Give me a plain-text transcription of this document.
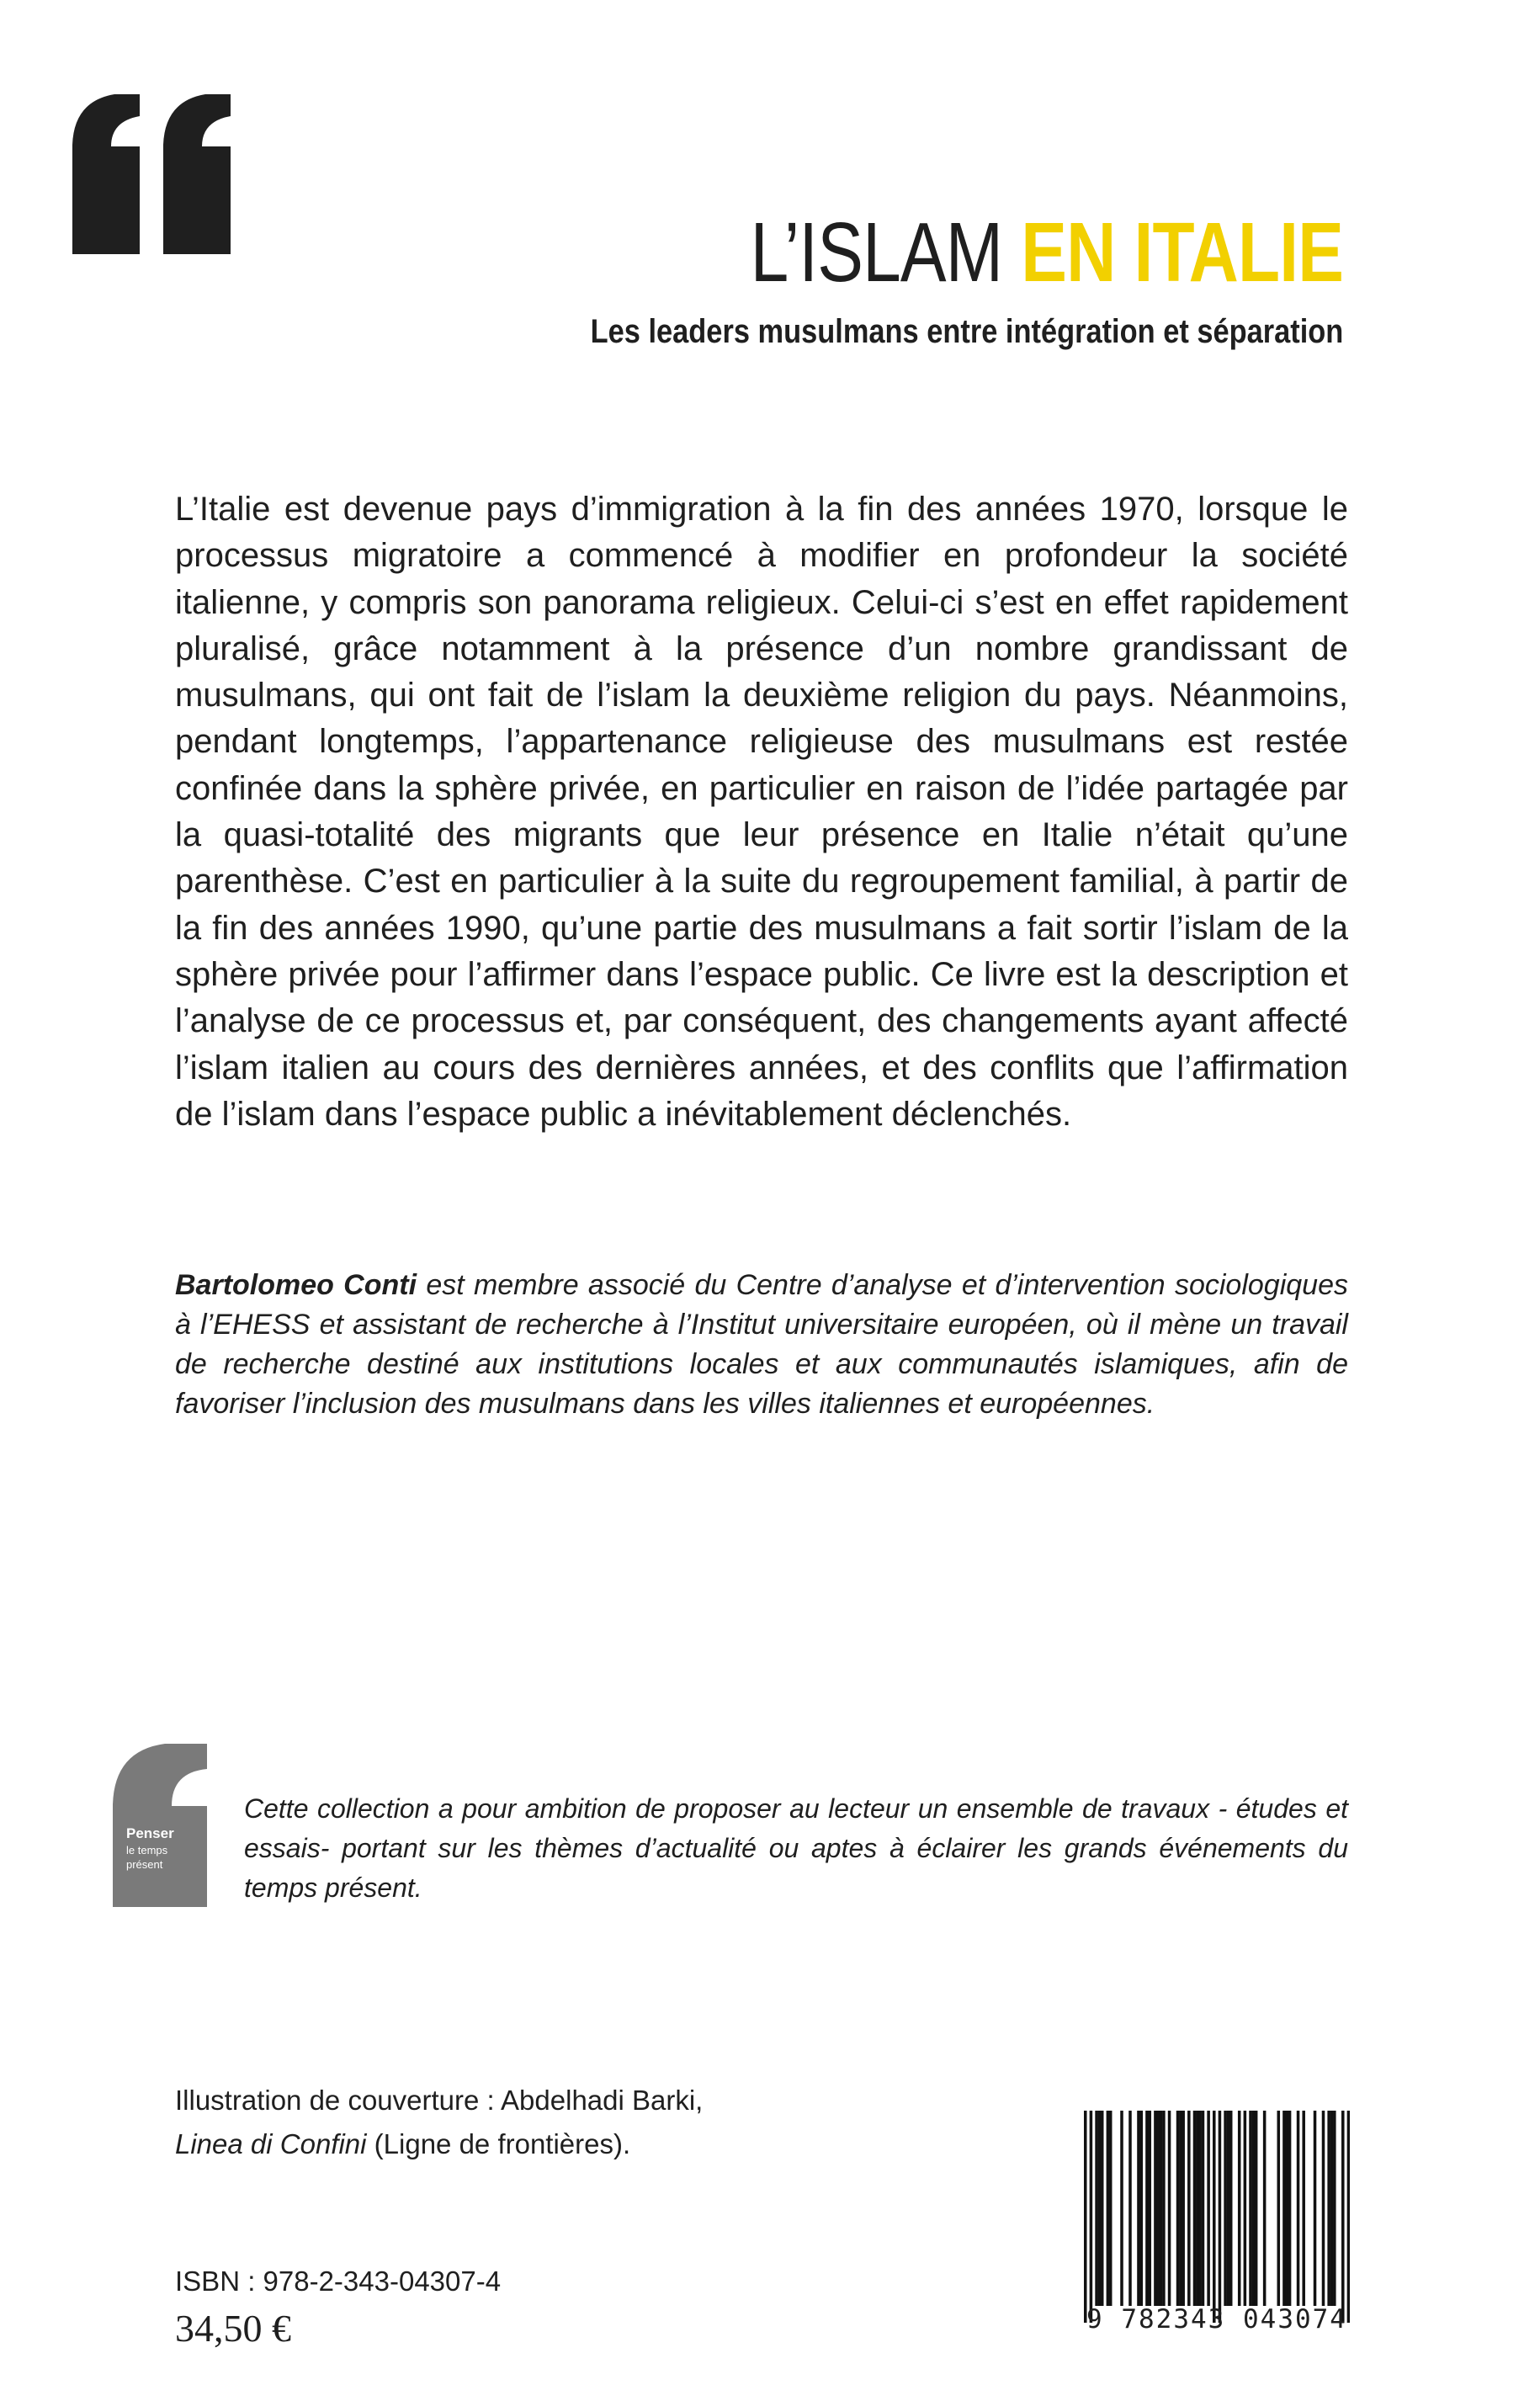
L’ISLAM EN ITALIE
Les leaders musulmans entre intégration et séparation

L’Italie est devenue pays d’immigration à la fin des années 1970, lorsque le processus migratoire a commencé à modifier en profondeur la société italienne, y compris son panorama religieux. Celui-ci s’est en effet rapidement pluralisé, grâce notamment à la présence d’un nombre grandissant de musulmans, qui ont fait de l’islam la deuxième religion du pays. Néanmoins, pendant longtemps, l’appartenance religieuse des musulmans est restée confinée dans la sphère privée, en particulier en raison de l’idée partagée par la quasi-totalité des migrants que leur présence en Italie n’était qu’une parenthèse. C’est en particulier à la suite du regroupement familial, à partir de la fin des années 1990, qu’une partie des musulmans a fait sortir l’islam de la sphère privée pour l’affirmer dans l’espace public. Ce livre est la description et l’analyse de ce processus et, par conséquent, des changements ayant affecté l’islam italien au cours des dernières années, et des conflits que l’affirmation de l’islam dans l’espace public a inévitablement déclenchés.

Bartolomeo Conti est membre associé du Centre d’analyse et d’intervention sociologiques à l’EHESS et assistant de recherche à l’Institut universitaire européen, où il mène un travail de recherche destiné aux institutions locales et aux communautés islamiques, afin de favoriser l’inclusion des musulmans dans les villes italiennes et européennes.

Penser
le temps
présent

Cette collection a pour ambition de proposer au lecteur un ensemble de travaux - études et essais- portant sur les thèmes d’actualité ou aptes à éclairer les grands événements du temps présent.

Illustration de couverture : Abdelhadi Barki,
Linea di Confini (Ligne de frontières).
ISBN : 978-2-343-04307-4
34,50 €	9 782343 043074
